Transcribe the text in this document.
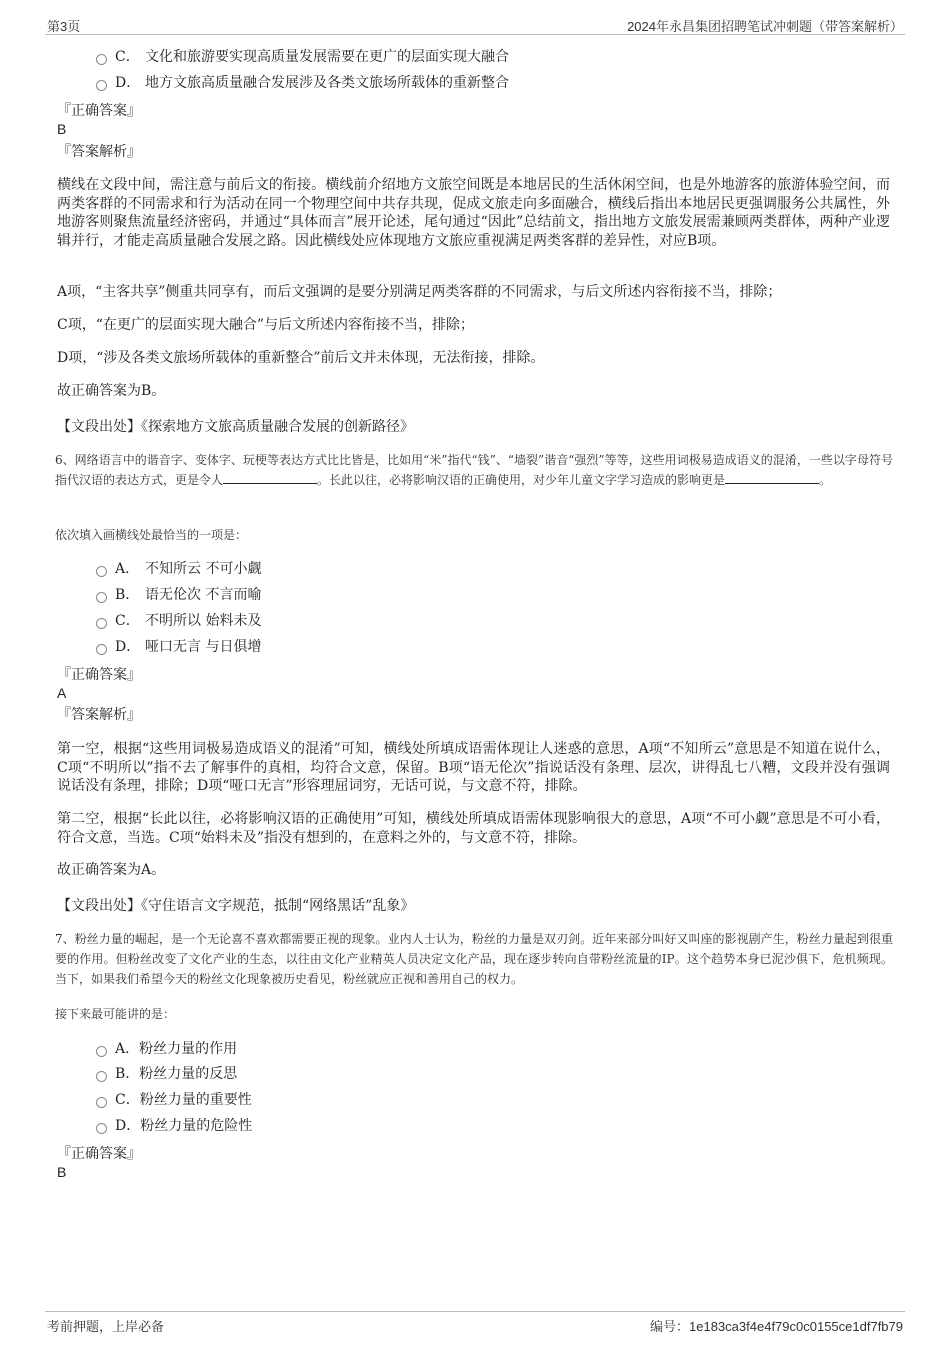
第3页	2024年永昌集团招聘笔试冲刺题（带答案解析）
C． 文化和旅游要实现高质量发展需要在更广的层面实现大融合
D． 地方文旅高质量融合发展涉及各类文旅场所载体的重新整合
『正确答案』
B
『答案解析』
横线在文段中间，需注意与前后文的衔接。横线前介绍地方文旅空间既是本地居民的生活休闲空间，也是外地游客的旅游体验空间，而两类客群的不同需求和行为活动在同一个物理空间中共存共现，促成文旅走向多面融合，横线后指出本地居民更强调服务公共属性，外地游客则聚焦流量经济密码，并通过“具体而言”展开论述，尾句通过“因此”总结前文，指出地方文旅发展需兼顾两类群体，两种产业逻辑并行，才能走高质量融合发展之路。因此横线处应体现地方文旅应重视满足两类客群的差异性，对应B项。
A项，“主客共享”侧重共同享有，而后文强调的是要分别满足两类客群的不同需求，与后文所述内容衔接不当，排除；
C项，“在更广的层面实现大融合”与后文所述内容衔接不当，排除；
D项，“涉及各类文旅场所载体的重新整合”前后文并未体现，无法衔接，排除。
故正确答案为B。
【文段出处】《探索地方文旅高质量融合发展的创新路径》
6、网络语言中的谐音字、变体字、玩梗等表达方式比比皆是，比如用“米”指代“钱”、“墙裂”谐音“强烈”等等，这些用词极易造成语义的混淆，一些以字母符号指代汉语的表达方式，更是令人	。长此以往，必将影响汉语的正确使用，对少年儿童文字学习造成的影响更是	。
依次填入画横线处最恰当的一项是：
A． 不知所云 不可小觑
B． 语无伦次 不言而喻
C． 不明所以 始料未及
D． 哑口无言 与日俱增
『正确答案』
A
『答案解析』
第一空，根据“这些用词极易造成语义的混淆”可知，横线处所填成语需体现让人迷惑的意思，A项“不知所云”意思是不知道在说什么，C项“不明所以”指不去了解事件的真相，均符合文意，保留。B项“语无伦次”指说话没有条理、层次，讲得乱七八糟，文段并没有强调说话没有条理，排除；D项“哑口无言”形容理屈词穷，无话可说，与文意不符，排除。
第二空，根据“长此以往，必将影响汉语的正确使用”可知，横线处所填成语需体现影响很大的意思，A项“不可小觑”意思是不可小看，符合文意，当选。C项“始料未及”指没有想到的，在意料之外的，与文意不符，排除。
故正确答案为A。
【文段出处】《守住语言文字规范，抵制“网络黑话”乱象》
7、粉丝力量的崛起，是一个无论喜不喜欢都需要正视的现象。业内人士认为，粉丝的力量是双刃剑。近年来部分叫好又叫座的影视剧产生，粉丝力量起到很重要的作用。但粉丝改变了文化产业的生态，以往由文化产业精英人员决定文化产品，现在逐步转向自带粉丝流量的IP。这个趋势本身已泥沙俱下，危机频现。当下，如果我们希望今天的粉丝文化现象被历史看见，粉丝就应正视和善用自己的权力。
接下来最可能讲的是：
A．粉丝力量的作用
B．粉丝力量的反思
C．粉丝力量的重要性
D．粉丝力量的危险性
『正确答案』
B
考前押题，上岸必备	编号：1e183ca3f4e4f79c0c0155ce1df7fb79
